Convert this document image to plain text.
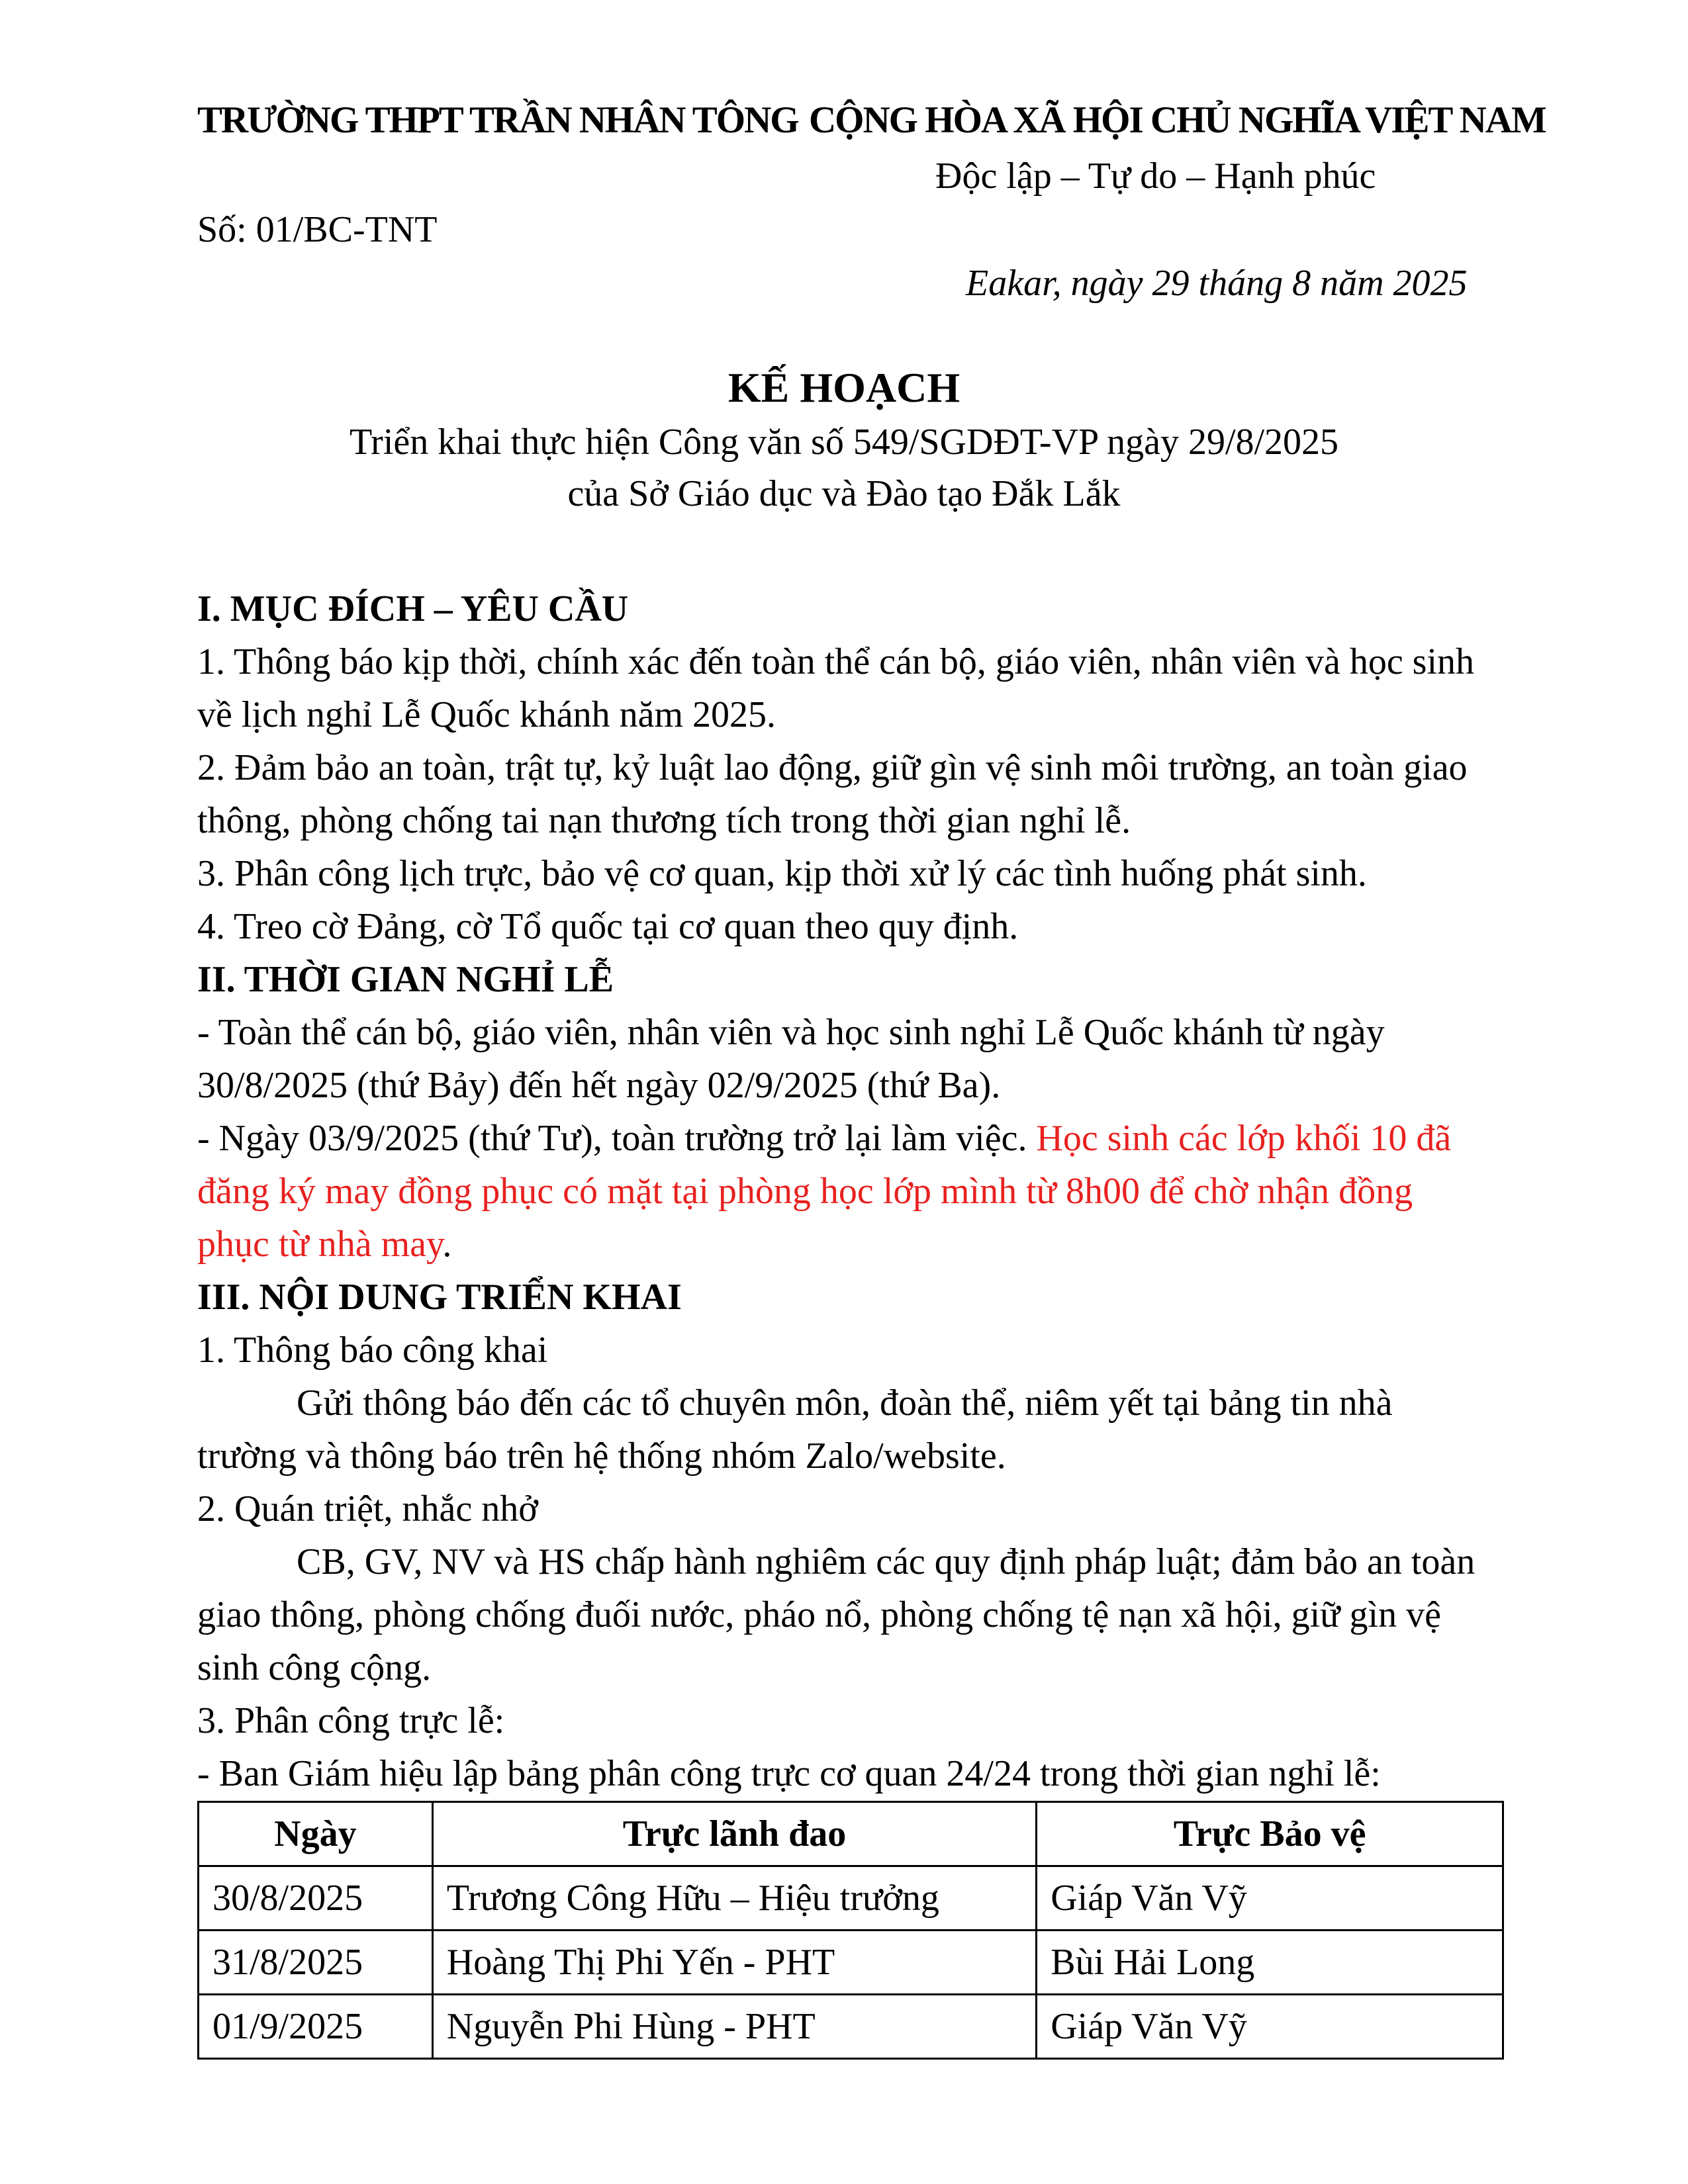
TRƯỜNG THPT TRẦN NHÂN TÔNG CỘNG HÒA XÃ HỘI CHỦ NGHĨA VIỆT NAM
Độc lập – Tự do – Hạnh phúc
Số: 01/BC-TNT
Eakar, ngày 29 tháng 8 năm 2025
KẾ HOẠCH
Triển khai thực hiện Công văn số 549/SGDĐT-VP ngày 29/8/2025
của Sở Giáo dục và Đào tạo Đắk Lắk
I. MỤC ĐÍCH – YÊU CẦU
1. Thông báo kịp thời, chính xác đến toàn thể cán bộ, giáo viên, nhân viên và học sinh
về lịch nghỉ Lễ Quốc khánh năm 2025.
2. Đảm bảo an toàn, trật tự, kỷ luật lao động, giữ gìn vệ sinh môi trường, an toàn giao
thông, phòng chống tai nạn thương tích trong thời gian nghỉ lễ.
3. Phân công lịch trực, bảo vệ cơ quan, kịp thời xử lý các tình huống phát sinh.
4. Treo cờ Đảng, cờ Tổ quốc tại cơ quan theo quy định.
II. THỜI GIAN NGHỈ LỄ
- Toàn thể cán bộ, giáo viên, nhân viên và học sinh nghỉ Lễ Quốc khánh từ ngày
30/8/2025 (thứ Bảy) đến hết ngày 02/9/2025 (thứ Ba).
- Ngày 03/9/2025 (thứ Tư), toàn trường trở lại làm việc. Học sinh các lớp khối 10 đã
đăng ký may đồng phục có mặt tại phòng học lớp mình từ 8h00 để chờ nhận đồng
phục từ nhà may.
III. NỘI DUNG TRIỂN KHAI
1. Thông báo công khai
Gửi thông báo đến các tổ chuyên môn, đoàn thể, niêm yết tại bảng tin nhà
trường và thông báo trên hệ thống nhóm Zalo/website.
2. Quán triệt, nhắc nhở
CB, GV, NV và HS chấp hành nghiêm các quy định pháp luật; đảm bảo an toàn
giao thông, phòng chống đuối nước, pháo nổ, phòng chống tệ nạn xã hội, giữ gìn vệ
sinh công cộng.
3. Phân công trực lễ:
- Ban Giám hiệu lập bảng phân công trực cơ quan 24/24 trong thời gian nghỉ lễ:
Ngày	Trực lãnh đao	Trực Bảo vệ
30/8/2025	Trương Công Hữu – Hiệu trưởng	Giáp Văn Vỹ
31/8/2025	Hoàng Thị Phi Yến - PHT	Bùi Hải Long
01/9/2025	Nguyễn Phi Hùng - PHT	Giáp Văn Vỹ
